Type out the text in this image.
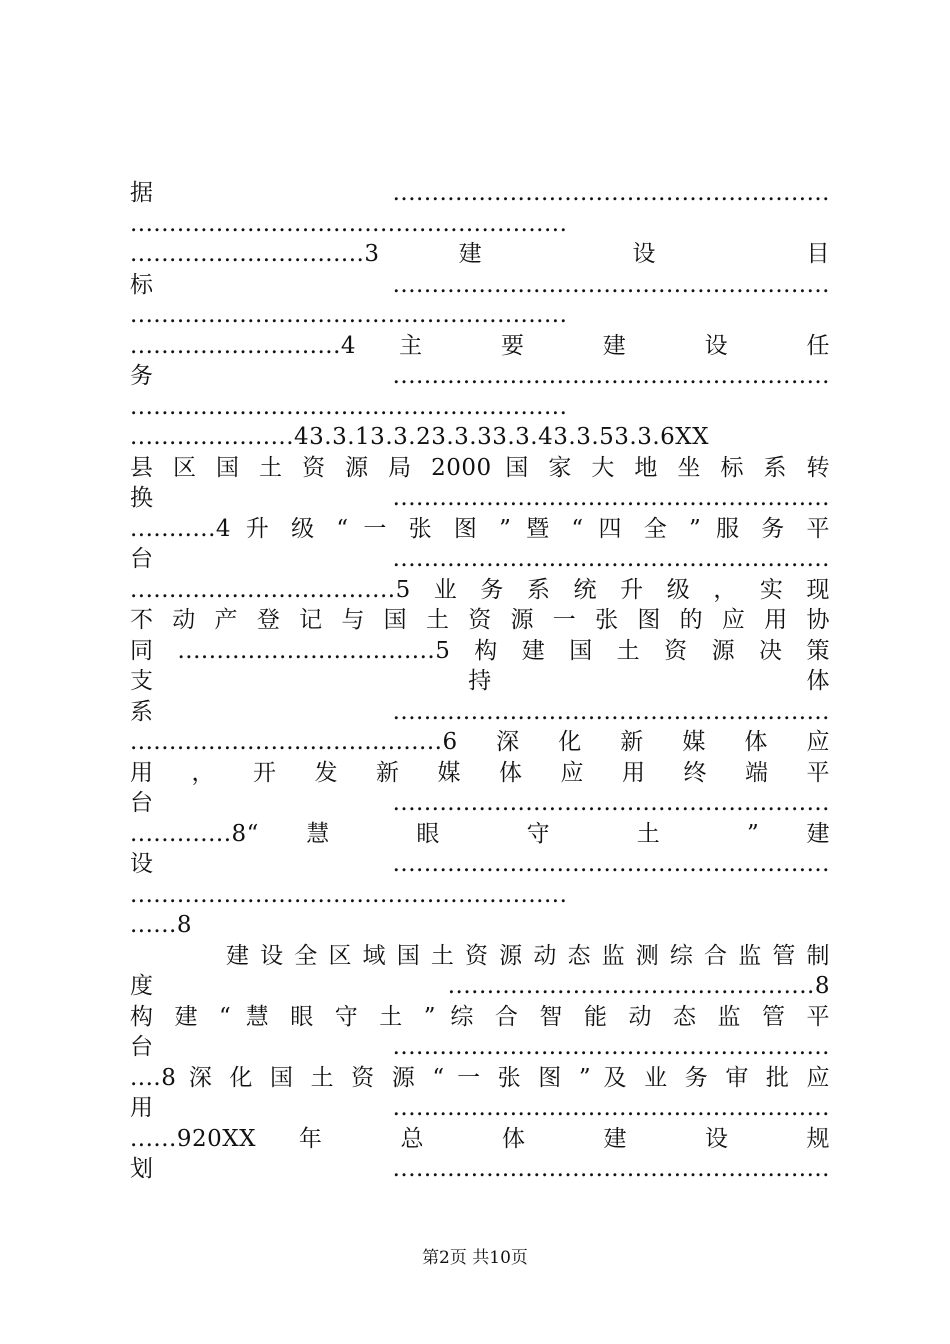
据........................................................
........................................................
..............................3 建 设 目
标........................................................
........................................................
...........................4 主 要 建 设 任
务........................................................
........................................................
.....................43.3.13.3.23.3.33.3.43.3.53.3.6XX
县 区 国 土 资 源 局 2000 国 家 大 地 坐 标 系 转
换........................................................
...........4 升 级 “ 一 张 图 ” 暨 “ 四 全 ” 服 务 平
台........................................................
..................................5业务系统升级，实现
不 动 产 登 记 与 国 土 资 源 一 张 图 的 应 用 协
同.................................5构建国土资源决策
支 持 体
系........................................................
........................................6深化新媒体应
用 ， 开 发 新 媒 体 应 用 终 端 平
台........................................................
.............8“ 慧 眼 守 土 ” 建
设........................................................
........................................................
......8
建设全区域国土资源动态监测综合监管制
度 ...............................................8
构 建 “ 慧 眼 守 土 ” 综 合 智 能 动 态 监 管 平
台........................................................
....8 深 化 国 土 资 源 “ 一 张 图 ” 及 业 务 审 批 应
用........................................................
......920XX 年 总 体 建 设 规
划........................................................
第2页 共10页
